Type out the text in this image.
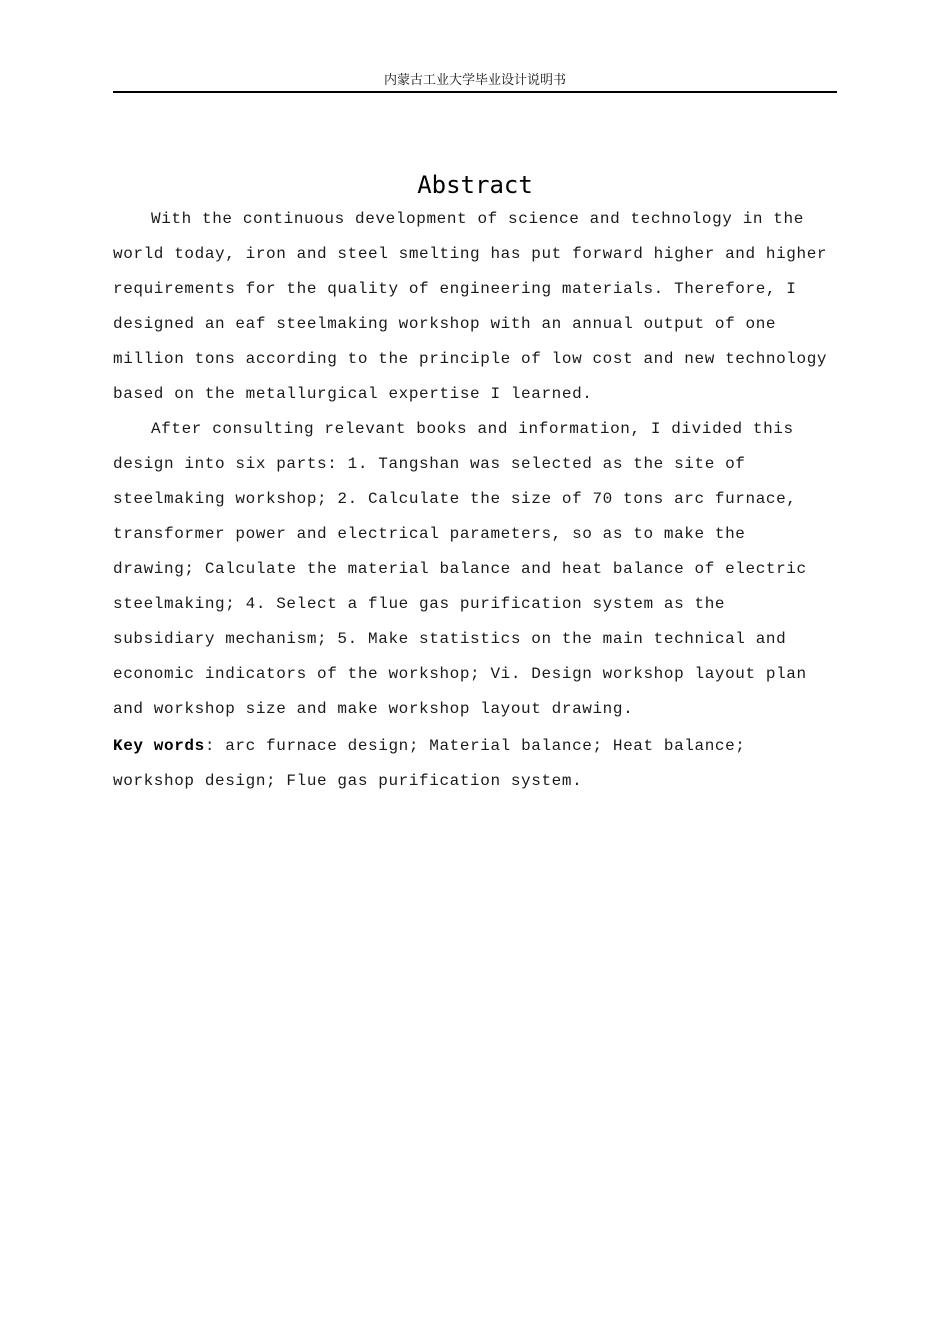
内蒙古工业大学毕业设计说明书
Abstract

With the continuous development of science and technology in the world today, iron and steel smelting has put forward higher and higher requirements for the quality of engineering materials. Therefore, I designed an eaf steelmaking workshop with an annual output of one million tons according to the principle of low cost and new technology based on the metallurgical expertise I learned.

After consulting relevant books and information, I divided this design into six parts: 1. Tangshan was selected as the site of steelmaking workshop; 2. Calculate the size of 70 tons arc furnace, transformer power and electrical parameters, so as to make the drawing; Calculate the material balance and heat balance of electric steelmaking; 4. Select a flue gas purification system as the subsidiary mechanism; 5. Make statistics on the main technical and economic indicators of the workshop; Vi. Design workshop layout plan and workshop size and make workshop layout drawing.

Key words: arc furnace design; Material balance; Heat balance; workshop design; Flue gas purification system.
